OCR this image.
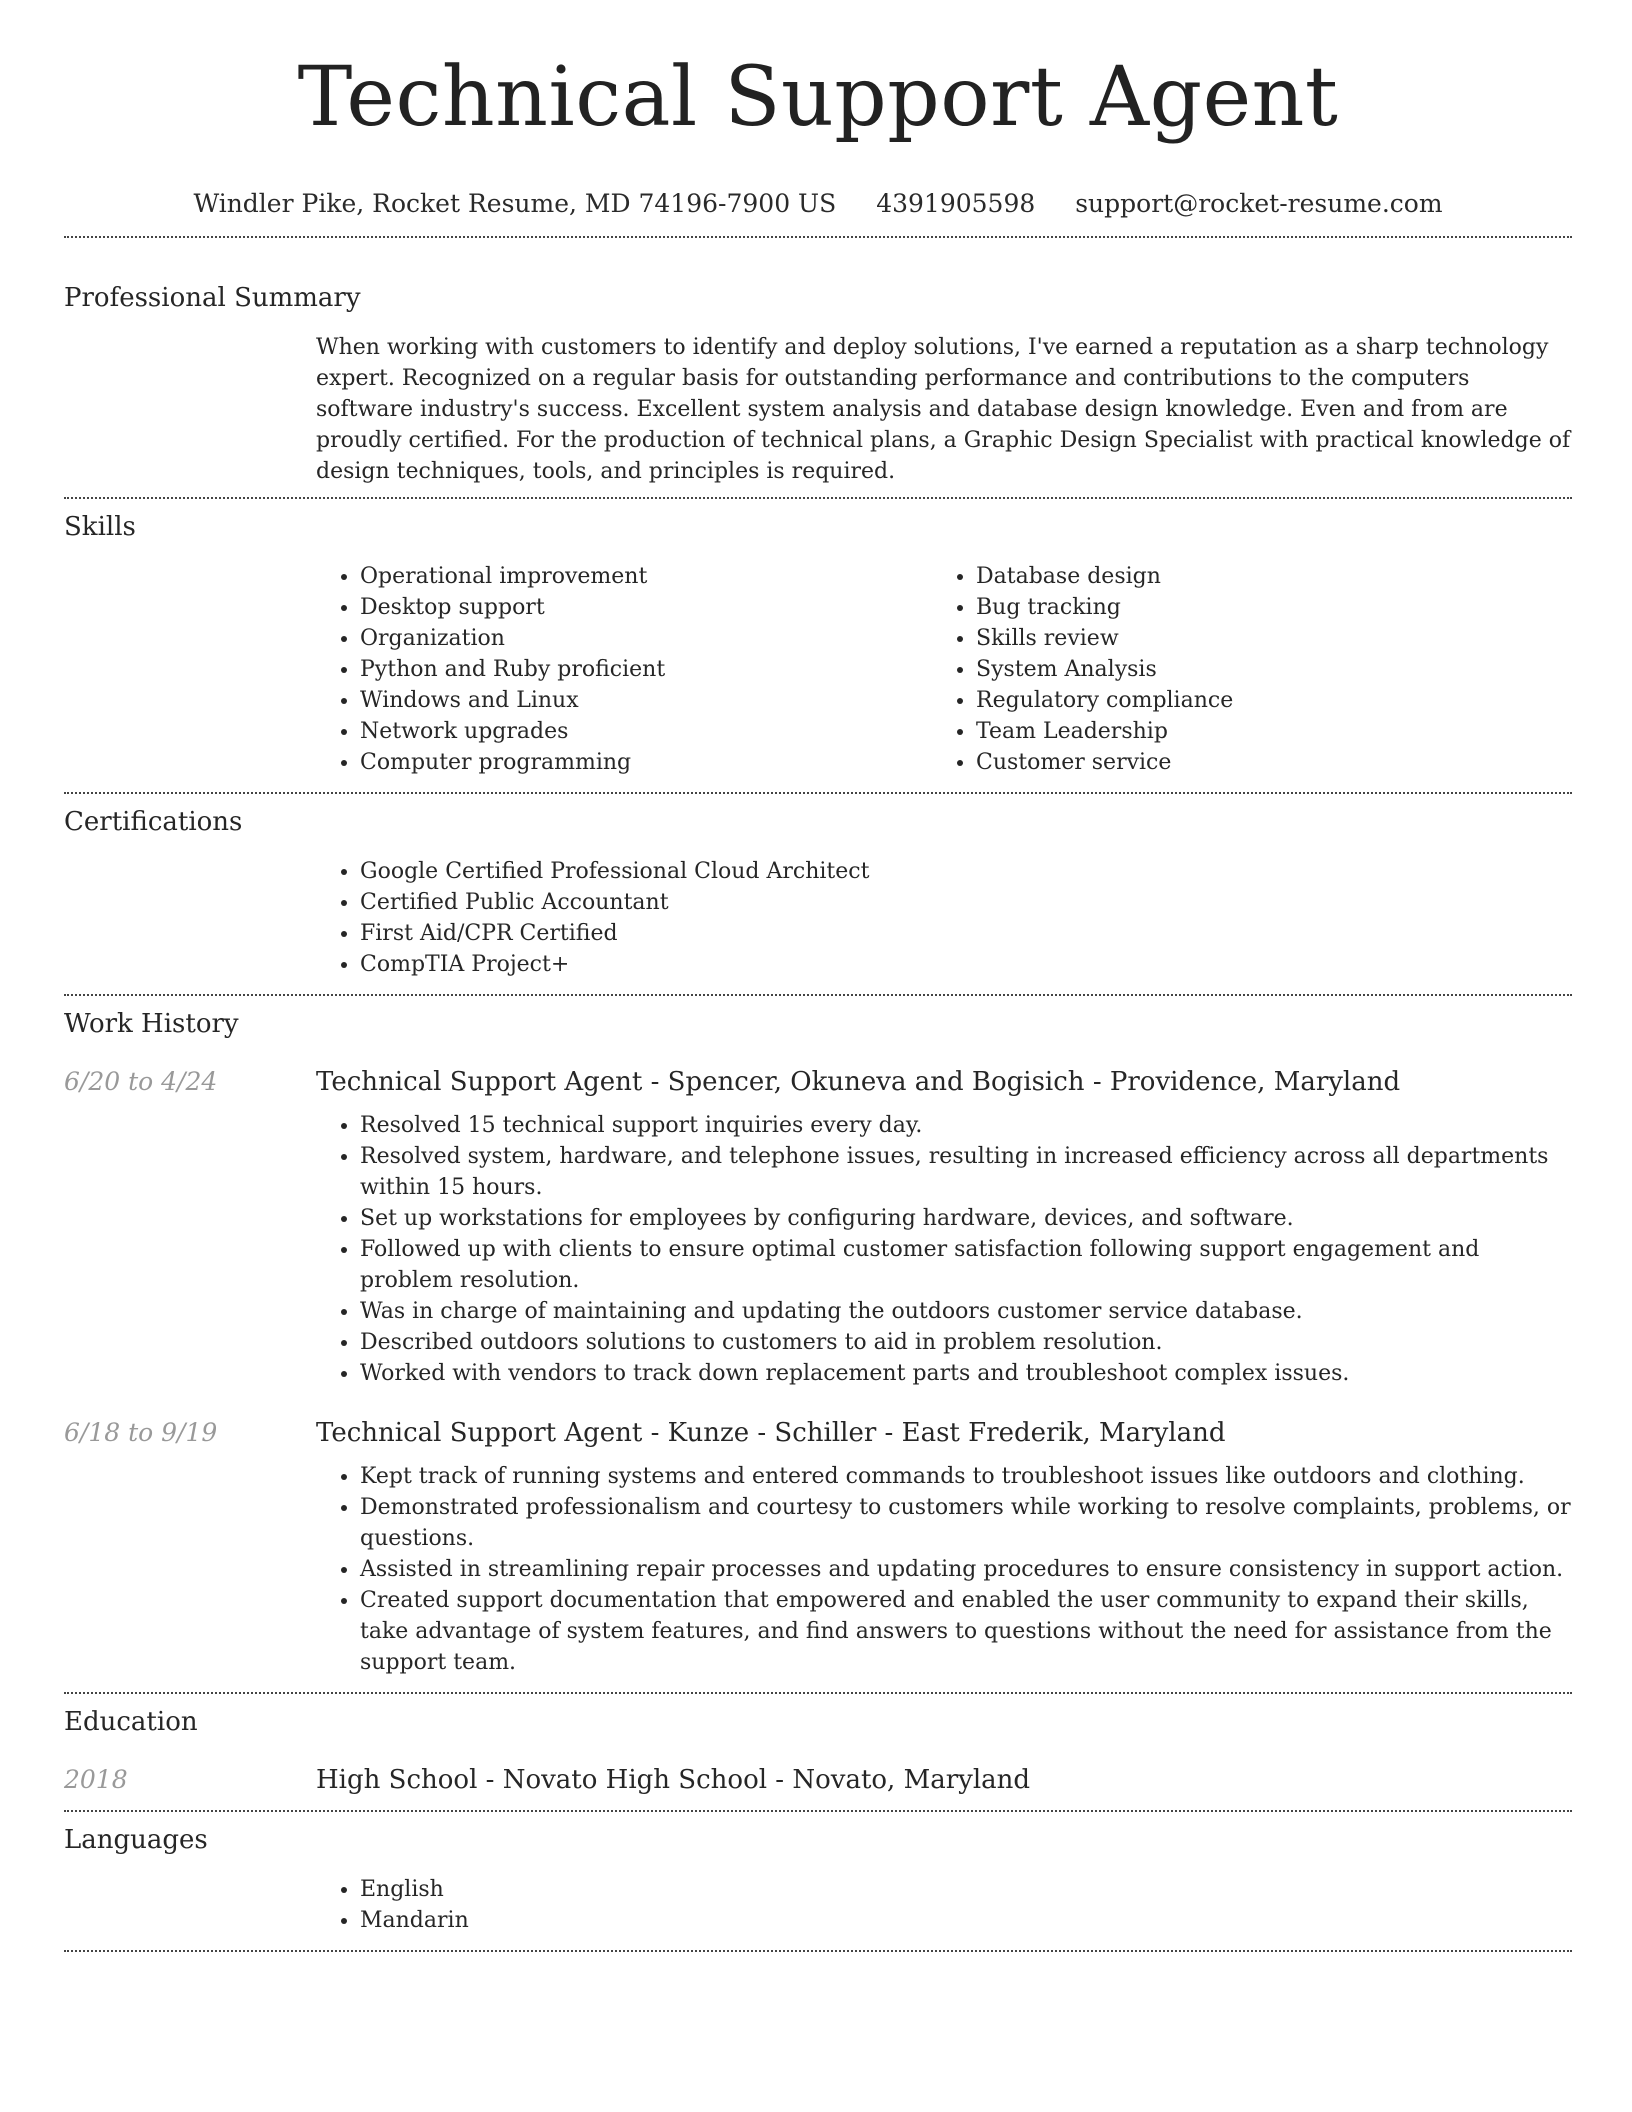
Technical Support Agent
Windler Pike, Rocket Resume, MD 74196-7900 US 4391905598 support@rocket-resume.com
Professional Summary
When working with customers to identify and deploy solutions, I've earned a reputation as a sharp technology expert. Recognized on a regular basis for outstanding performance and contributions to the computers software industry's success. Excellent system analysis and database design knowledge. Even and from are proudly certified. For the production of technical plans, a Graphic Design Specialist with practical knowledge of design techniques, tools, and principles is required.
Skills
• Operational improvement
• Desktop support
• Organization
• Python and Ruby proficient
• Windows and Linux
• Network upgrades
• Computer programming
• Database design
• Bug tracking
• Skills review
• System Analysis
• Regulatory compliance
• Team Leadership
• Customer service
Certifications
• Google Certified Professional Cloud Architect
• Certified Public Accountant
• First Aid/CPR Certified
• CompTIA Project+
Work History
6/20 to 4/24	Technical Support Agent - Spencer, Okuneva and Bogisich - Providence, Maryland
• Resolved 15 technical support inquiries every day.
• Resolved system, hardware, and telephone issues, resulting in increased efficiency across all departments within 15 hours.
• Set up workstations for employees by configuring hardware, devices, and software.
• Followed up with clients to ensure optimal customer satisfaction following support engagement and problem resolution.
• Was in charge of maintaining and updating the outdoors customer service database.
• Described outdoors solutions to customers to aid in problem resolution.
• Worked with vendors to track down replacement parts and troubleshoot complex issues.
6/18 to 9/19	Technical Support Agent - Kunze - Schiller - East Frederik, Maryland
• Kept track of running systems and entered commands to troubleshoot issues like outdoors and clothing.
• Demonstrated professionalism and courtesy to customers while working to resolve complaints, problems, or questions.
• Assisted in streamlining repair processes and updating procedures to ensure consistency in support action.
• Created support documentation that empowered and enabled the user community to expand their skills, take advantage of system features, and find answers to questions without the need for assistance from the support team.
Education
2018	High School - Novato High School - Novato, Maryland
Languages
• English
• Mandarin
